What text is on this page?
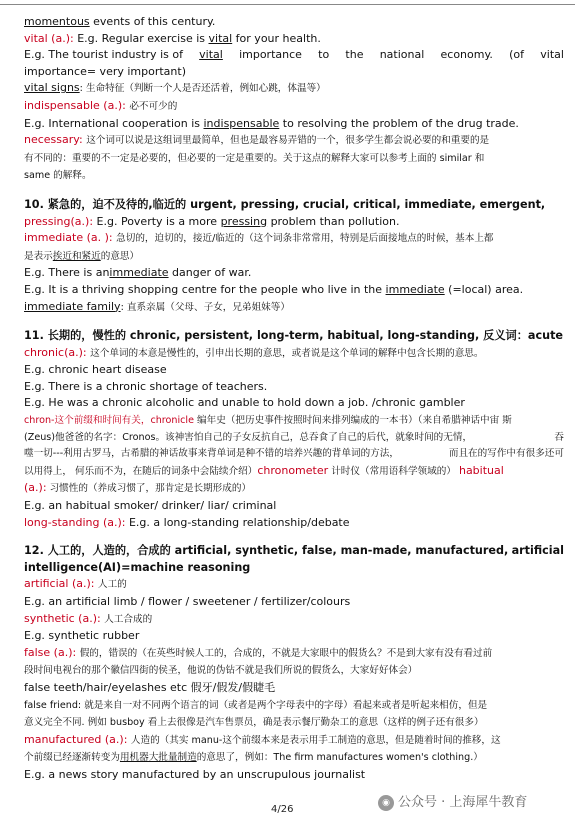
momentous events of this century.
vital (a.): E.g. Regular exercise is vital for your health.
E.g. The tourist industry is of vital importance to the national economy. (of vital
importance= very important)
vital signs: 生命特征（判断一个人是否还活着，例如心跳，体温等）
indispensable (a.): 必不可少的
E.g. International cooperation is indispensable to resolving the problem of the drug trade.
necessary: 这个词可以说是这组词里最简单，但也是最容易弄错的一个，很多学生都会说必要的和重要的是
有不同的：重要的不一定是必要的，但必要的一定是重要的。关于这点的解释大家可以参考上面的 similar 和
same 的解释。
10. 紧急的，迫不及待的,临近的 urgent, pressing, crucial, critical, immediate, emergent,
pressing(a.): E.g. Poverty is a more pressing problem than pollution.
immediate (a. ): 急切的，迫切的，接近/临近的（这个词条非常常用，特别是后面接地点的时候，基本上都
是表示挨近和紧近的意思）
E.g. There is animmediate danger of war.
E.g. It is a thriving shopping centre for the people who live in the immediate (=local) area.
immediate family: 直系亲属（父母、子女，兄弟姐妹等）
11. 长期的，慢性的 chronic, persistent, long-term, habitual, long-standing, 反义词：acute
chronic(a.): 这个单词的本意是慢性的，引申出长期的意思，或者说是这个单词的解释中包含长期的意思。
E.g. chronic heart disease
E.g. There is a chronic shortage of teachers.
E.g. He was a chronic alcoholic and unable to hold down a job. /chronic gambler
chron-这个前缀和时间有关，chronicle 编年史（把历史事件按照时间来排列编成的一本书）（来自希腊神话中宙 斯
(Zeus)他爸爸的名字：Cronos。该神害怕自己的子女反抗自己，总吞食了自己的后代，就象时间的无情，	吞
噬一切---利用古罗马，古希腊的神话故事来背单词是种不错的培养兴趣的背单词的方法，	而且在的写作中有很多还可
以用得上， 何乐而不为，在随后的词条中会陆续介绍）chronometer 计时仪（常用语科学领域的） habitual
(a.): 习惯性的（养成习惯了，那肯定是长期形成的）
E.g. an habitual smoker/ drinker/ liar/ criminal
long-standing (a.): E.g. a long-standing relationship/debate
12. 人工的，人造的，合成的 artificial, synthetic, false, man-made, manufactured, artificial
intelligence(AI)=machine reasoning
artificial (a.): 人工的
E.g. an artificial limb / flower / sweetener / fertilizer/colours
synthetic (a.): 人工合成的
E.g. synthetic rubber
false (a.): 假的，错误的（在英些时候人工的，合成的，不就是大家眼中的假货么？不是到大家有没有看过前
段时间电视台的那个徽信四街的侯圣，他说的伪钻不就是我们所说的假货么，大家好好体会）
false teeth/hair/eyelashes etc 假牙/假发/假睫毛
false friend: 就是来自一对不同两个语言的词（或者是两个字母表中的字母）看起来或者是听起来相仿，但是
意义完全不同. 例如 busboy 看上去很像是汽车售票员，确是表示餐厅勤杂工的意思（这样的例子还有很多）
manufactured (a.): 人造的（其实 manu-这个前缀本来是表示用手工制造的意思，但是随着时间的推移，这
个前缀已经逐渐转变为用机器大批量制造的意思了，例如：The firm manufactures women's clothing.）
E.g. a news story manufactured by an unscrupulous journalist
4/26
◉ 公众号 · 上海犀牛教育
